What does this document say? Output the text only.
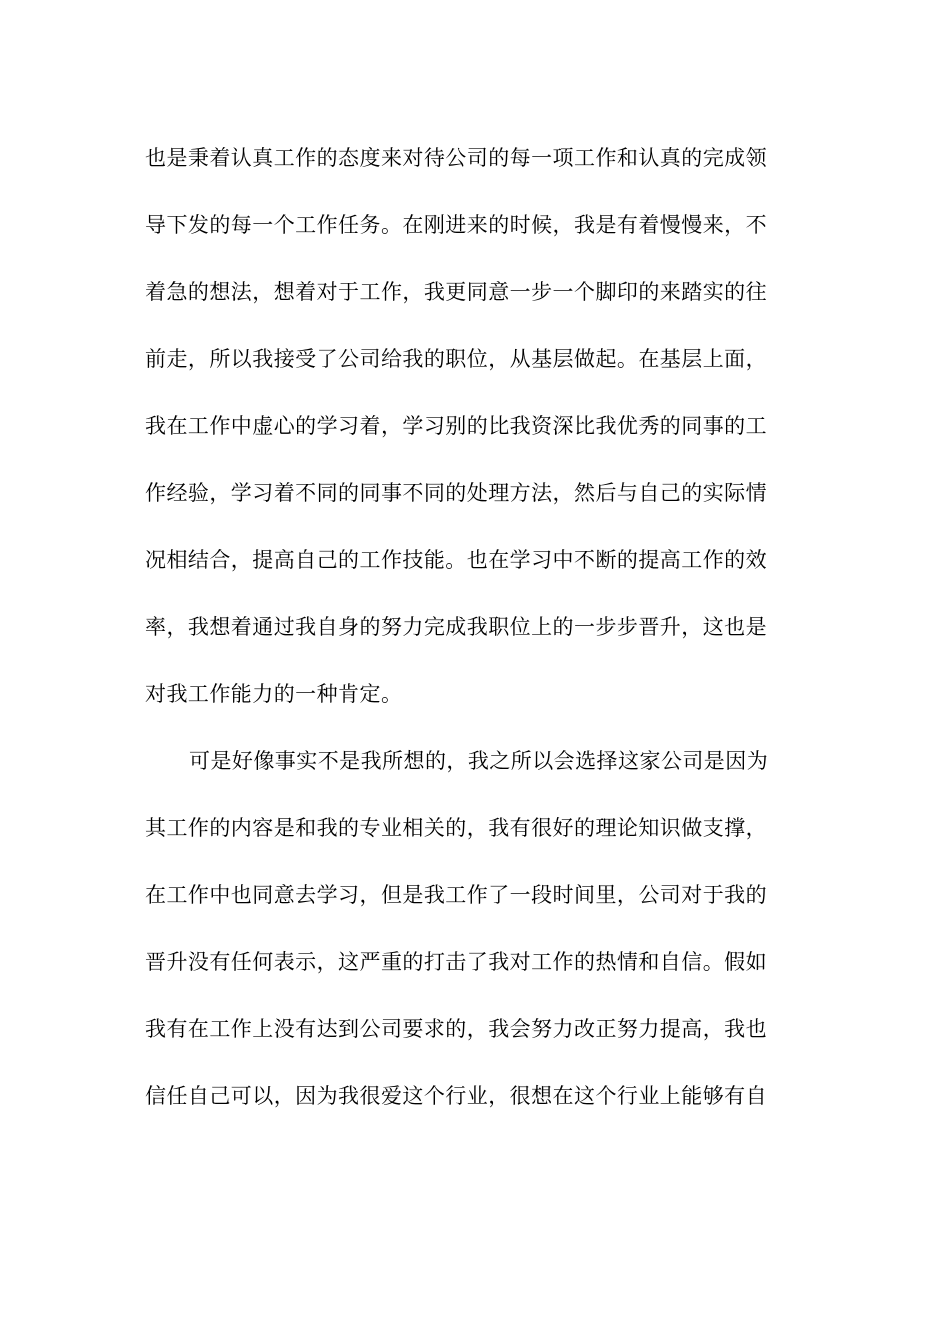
也是秉着认真工作的态度来对待公司的每一项工作和认真的完成领
导下发的每一个工作任务。在刚进来的时候，我是有着慢慢来，不
着急的想法，想着对于工作，我更同意一步一个脚印的来踏实的往
前走，所以我接受了公司给我的职位，从基层做起。在基层上面，
我在工作中虚心的学习着，学习别的比我资深比我优秀的同事的工
作经验，学习着不同的同事不同的处理方法，然后与自己的实际情
况相结合，提高自己的工作技能。也在学习中不断的提高工作的效
率，我想着通过我自身的努力完成我职位上的一步步晋升，这也是
对我工作能力的一种肯定。
可是好像事实不是我所想的，我之所以会选择这家公司是因为
其工作的内容是和我的专业相关的，我有很好的理论知识做支撑，
在工作中也同意去学习，但是我工作了一段时间里，公司对于我的
晋升没有任何表示，这严重的打击了我对工作的热情和自信。假如
我有在工作上没有达到公司要求的，我会努力改正努力提高，我也
信任自己可以，因为我很爱这个行业，很想在这个行业上能够有自
